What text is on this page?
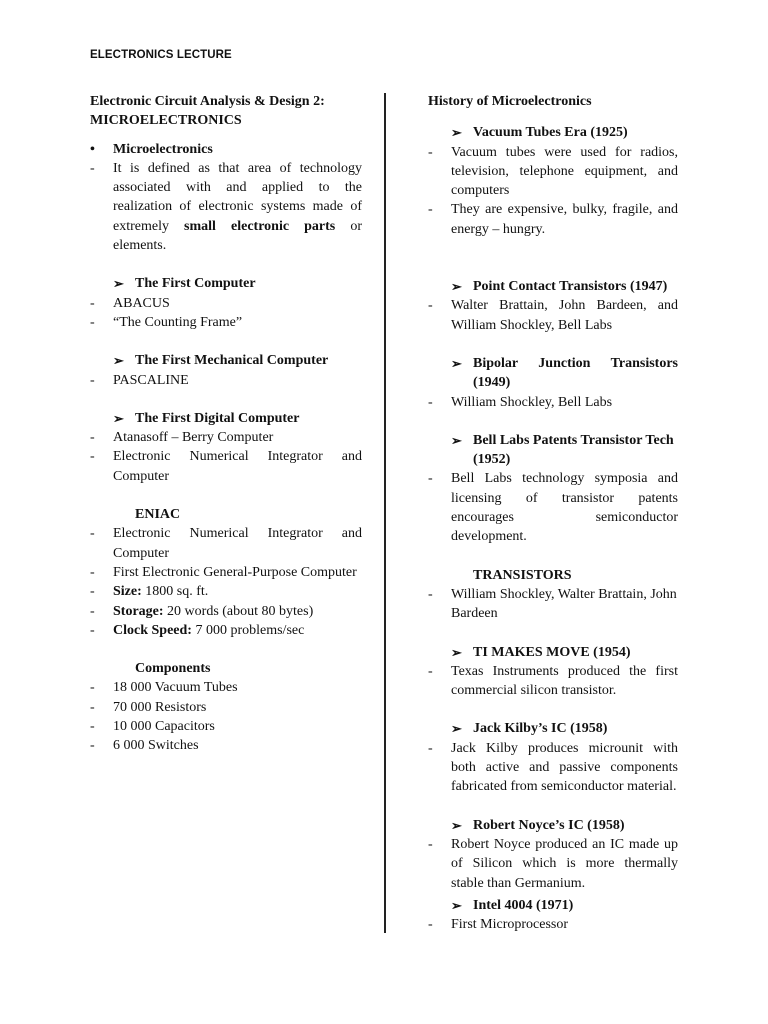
ELECTRONICS LECTURE
Electronic Circuit Analysis & Design 2:
MICROELECTRONICS
• Microelectronics
- It is defined as that area of technology associated with and applied to the realization of electronic systems made of extremely small electronic parts or elements.
➢ The First Computer
- ABACUS
- “The Counting Frame”
➢ The First Mechanical Computer
- PASCALINE
➢ The First Digital Computer
- Atanasoff – Berry Computer
- Electronic Numerical Integrator and Computer
ENIAC
- Electronic Numerical Integrator and Computer
- First Electronic General-Purpose Computer
- Size: 1800 sq. ft.
- Storage: 20 words (about 80 bytes)
- Clock Speed: 7 000 problems/sec
Components
- 18 000 Vacuum Tubes
- 70 000 Resistors
- 10 000 Capacitors
- 6 000 Switches
History of Microelectronics
➢ Vacuum Tubes Era (1925)
- Vacuum tubes were used for radios, television, telephone equipment, and computers
- They are expensive, bulky, fragile, and energy – hungry.
➢ Point Contact Transistors (1947)
- Walter Brattain, John Bardeen, and William Shockley, Bell Labs
➢ Bipolar Junction Transistors (1949)
- William Shockley, Bell Labs
➢ Bell Labs Patents Transistor Tech (1952)
- Bell Labs technology symposia and licensing of transistor patents encourages semiconductor development.
TRANSISTORS
- William Shockley, Walter Brattain, John Bardeen
➢ TI MAKES MOVE (1954)
- Texas Instruments produced the first commercial silicon transistor.
➢ Jack Kilby’s IC (1958)
- Jack Kilby produces microunit with both active and passive components fabricated from semiconductor material.
➢ Robert Noyce’s IC (1958)
- Robert Noyce produced an IC made up of Silicon which is more thermally stable than Germanium.
➢ Intel 4004 (1971)
- First Microprocessor
